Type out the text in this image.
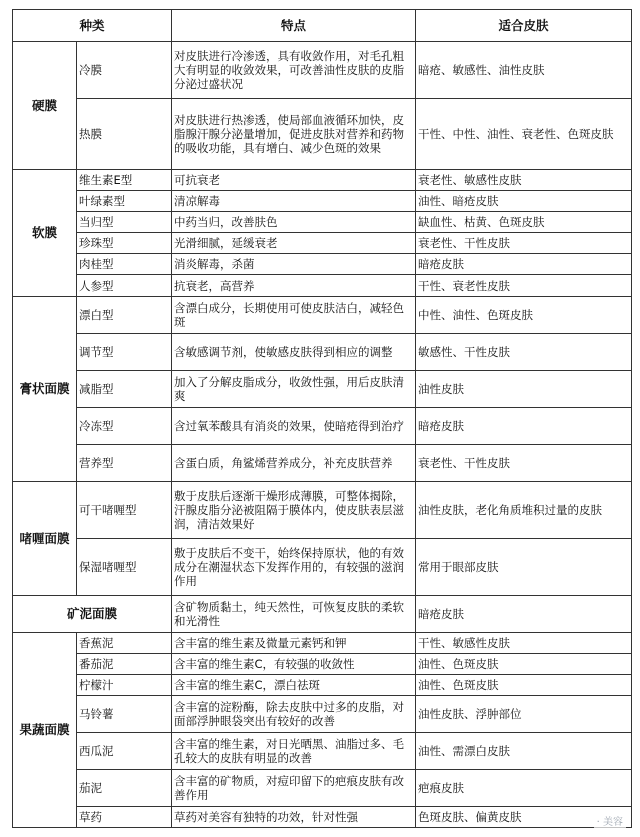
种类		特点	适合皮肤
硬膜	冷膜	对皮肤进行冷渗透，具有收敛作用，对毛孔粗大有明显的收敛效果，可改善油性皮肤的皮脂分泌过盛状况	暗疮、敏感性、油性皮肤
	热膜	对皮肤进行热渗透，使局部血液循环加快，皮脂腺汗腺分泌量增加，促进皮肤对营养和药物的吸收功能，具有增白、减少色斑的效果	干性、中性、油性、衰老性、色斑皮肤
软膜	维生素E型	可抗衰老	衰老性、敏感性皮肤
	叶绿素型	清凉解毒	油性、暗疮皮肤
	当归型	中药当归，改善肤色	缺血性、枯黄、色斑皮肤
	珍珠型	光滑细腻，延缓衰老	衰老性、干性皮肤
	肉桂型	消炎解毒，杀菌	暗疮皮肤
	人参型	抗衰老，高营养	干性、衰老性皮肤
膏状面膜	漂白型	含漂白成分，长期使用可使皮肤洁白，减轻色斑	中性、油性、色斑皮肤
	调节型	含敏感调节剂，使敏感皮肤得到相应的调整	敏感性、干性皮肤
	减脂型	加入了分解皮脂成分，收敛性强，用后皮肤清爽	油性皮肤
	冷冻型	含过氧苯酸具有消炎的效果，使暗疮得到治疗	暗疮皮肤
	营养型	含蛋白质，角鲨烯营养成分，补充皮肤营养	衰老性、干性皮肤
啫喱面膜	可干啫喱型	敷于皮肤后逐渐干燥形成薄膜，可整体揭除，汗腺皮脂分泌被阻隔于膜体内，使皮肤表层滋润，清洁效果好	油性皮肤，老化角质堆积过量的皮肤
	保湿啫喱型	敷于皮肤后不变干，始终保持原状，他的有效成分在潮湿状态下发挥作用的，有较强的滋润作用	常用于眼部皮肤
矿泥面膜		含矿物质黏土，纯天然性，可恢复皮肤的柔软和光滑性	暗疮皮肤
果蔬面膜	香蕉泥	含丰富的维生素及微量元素钙和钾	干性、敏感性皮肤
	番茄泥	含丰富的维生素C，有较强的收敛性	油性、色斑皮肤
	柠檬汁	含丰富的维生素C，漂白祛斑	油性、色斑皮肤
	马铃薯	含丰富的淀粉酶，除去皮肤中过多的皮脂，对面部浮肿眼袋突出有较好的改善	油性皮肤、浮肿部位
	西瓜泥	含丰富的维生素，对日光晒黑、油脂过多、毛孔较大的皮肤有明显的改善	油性、需漂白皮肤
	茄泥	含丰富的矿物质，对痘印留下的疤痕皮肤有改善作用	疤痕皮肤
	草药	草药对美容有独特的功效，针对性强	色斑皮肤、偏黄皮肤	· 美容
